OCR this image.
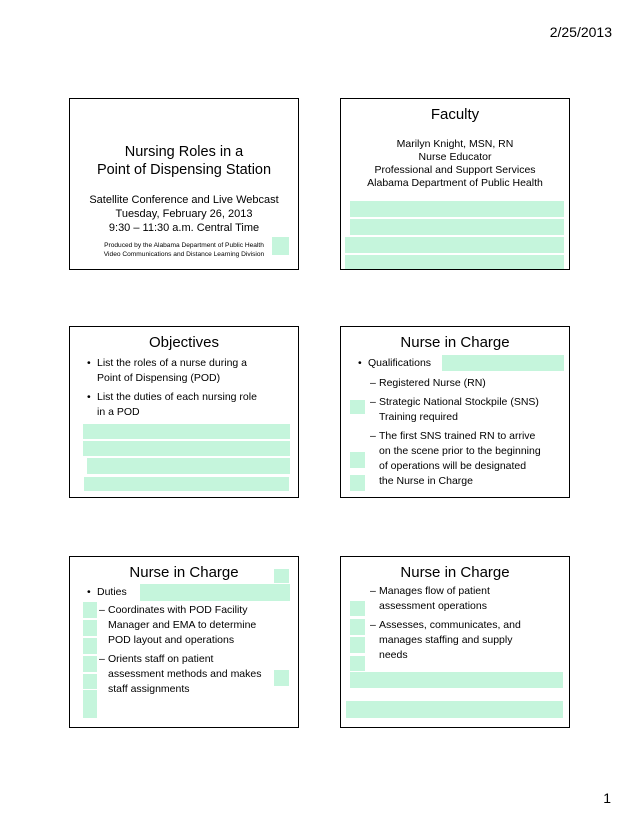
2/25/2013
Nursing Roles in a
Point of Dispensing Station
Satellite Conference and Live Webcast
Tuesday, February 26, 2013
9:30 – 11:30 a.m. Central Time
Produced by the Alabama Department of Public Health
Video Communications and Distance Learning Division
Faculty
Marilyn Knight, MSN, RN
Nurse Educator
Professional and Support Services
Alabama Department of Public Health
Objectives
• List the roles of a nurse during a
Point of Dispensing (POD)
• List the duties of each nursing role
in a POD
Nurse in Charge
• Qualifications
– Registered Nurse (RN)
– Strategic National Stockpile (SNS)
Training required
– The first SNS trained RN to arrive
on the scene prior to the beginning
of operations will be designated
the Nurse in Charge
Nurse in Charge
• Duties
– Coordinates with POD Facility
Manager and EMA to determine
POD layout and operations
– Orients staff on patient
assessment methods and makes
staff assignments
Nurse in Charge
– Manages flow of patient
assessment operations
– Assesses, communicates, and
manages staffing and supply
needs
1
